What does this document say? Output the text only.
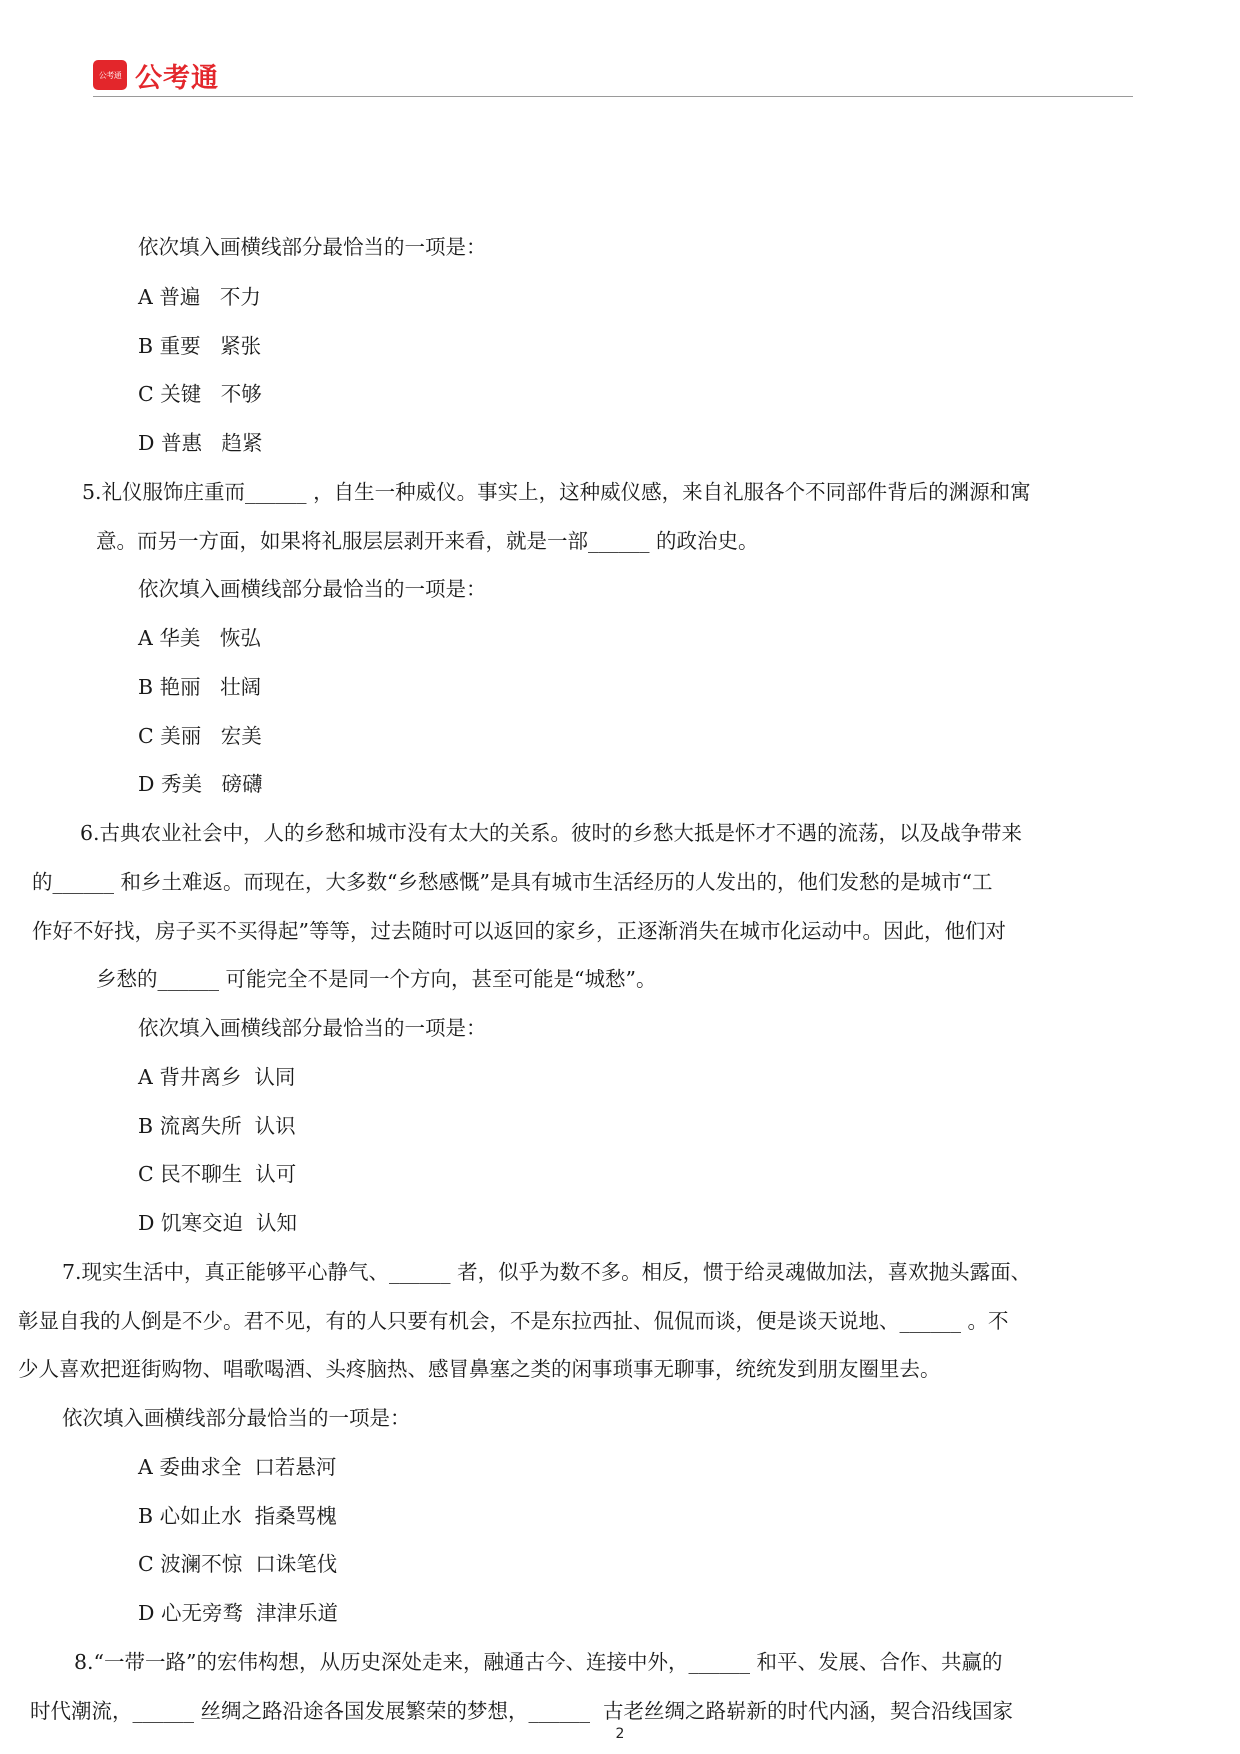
公考通 公考通
依次填入画横线部分最恰当的一项是：
A 普遍   不力
B 重要   紧张
C 关键   不够
D 普惠   趋紧
5.礼仪服饰庄重而______ ，自生一种威仪。事实上，这种威仪感，来自礼服各个不同部件背后的渊源和寓
意。而另一方面，如果将礼服层层剥开来看，就是一部______ 的政治史。
依次填入画横线部分最恰当的一项是：
A 华美   恢弘
B 艳丽   壮阔
C 美丽   宏美
D 秀美   磅礴
6.古典农业社会中，人的乡愁和城市没有太大的关系。彼时的乡愁大抵是怀才不遇的流荡，以及战争带来
的______ 和乡土难返。而现在，大多数“乡愁感慨”是具有城市生活经历的人发出的，他们发愁的是城市“工
作好不好找，房子买不买得起”等等，过去随时可以返回的家乡，正逐渐消失在城市化运动中。因此，他们对
乡愁的______ 可能完全不是同一个方向，甚至可能是“城愁”。
依次填入画横线部分最恰当的一项是：
A 背井离乡  认同
B 流离失所  认识
C 民不聊生  认可
D 饥寒交迫  认知
7.现实生活中，真正能够平心静气、______ 者，似乎为数不多。相反，惯于给灵魂做加法，喜欢抛头露面、
彰显自我的人倒是不少。君不见，有的人只要有机会，不是东拉西扯、侃侃而谈，便是谈天说地、______ 。不
少人喜欢把逛街购物、唱歌喝酒、头疼脑热、感冒鼻塞之类的闲事琐事无聊事，统统发到朋友圈里去。
依次填入画横线部分最恰当的一项是：
A 委曲求全  口若悬河
B 心如止水  指桑骂槐
C 波澜不惊  口诛笔伐
D 心无旁骛  津津乐道
8.“一带一路”的宏伟构想，从历史深处走来，融通古今、连接中外，______ 和平、发展、合作、共赢的
时代潮流，______ 丝绸之路沿途各国发展繁荣的梦想，______  古老丝绸之路崭新的时代内涵，契合沿线国家
2
